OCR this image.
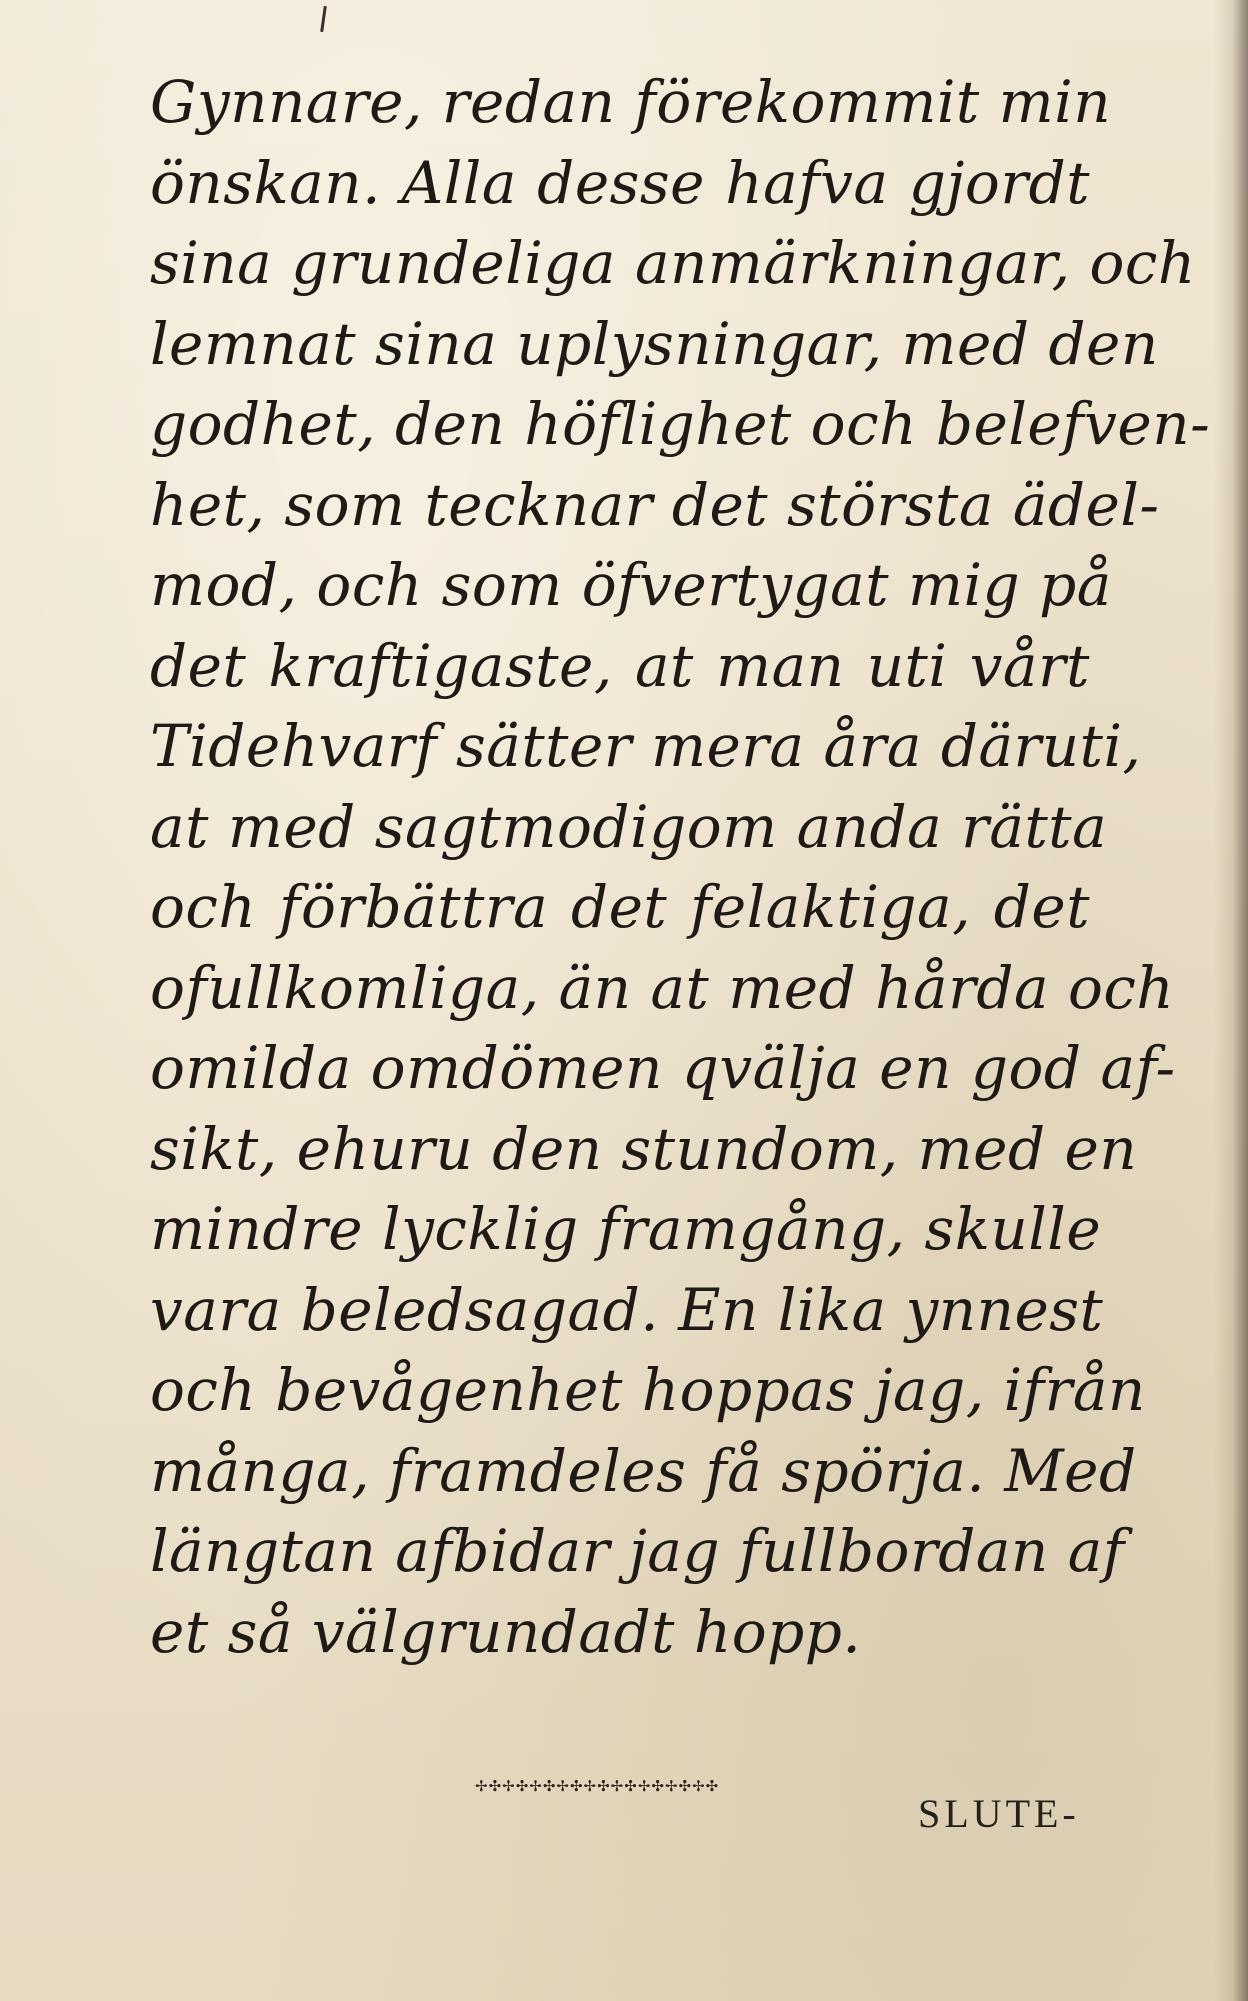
Gynnare, redan förekommit min
önskan. Alla desse hafva gjordt
sina grundeliga anmärkningar, och
lemnat sina uplysningar, med den
godhet, den höflighet och belefven-
het, som tecknar det största ädel-
mod, och som öfvertygat mig på
det kraftigaste, at man uti vårt
Tidehvarf sätter mera åra däruti,
at med sagtmodigom anda rätta
och förbättra det felaktiga, det
ofullkomliga, än at med hårda och
omilda omdömen qvälja en god af-
sikt, ehuru den stundom, med en
mindre lycklig framgång, skulle
vara beledsagad. En lika ynnest
och bevågenhet hoppas jag, ifrån
många, framdeles få spörja. Med
längtan afbidar jag fullbordan af
et så välgrundadt hopp.
✢✣✢✣✢✣✢✣✢✣✢✣✢✣✢✣✢✣
SLUTE-
